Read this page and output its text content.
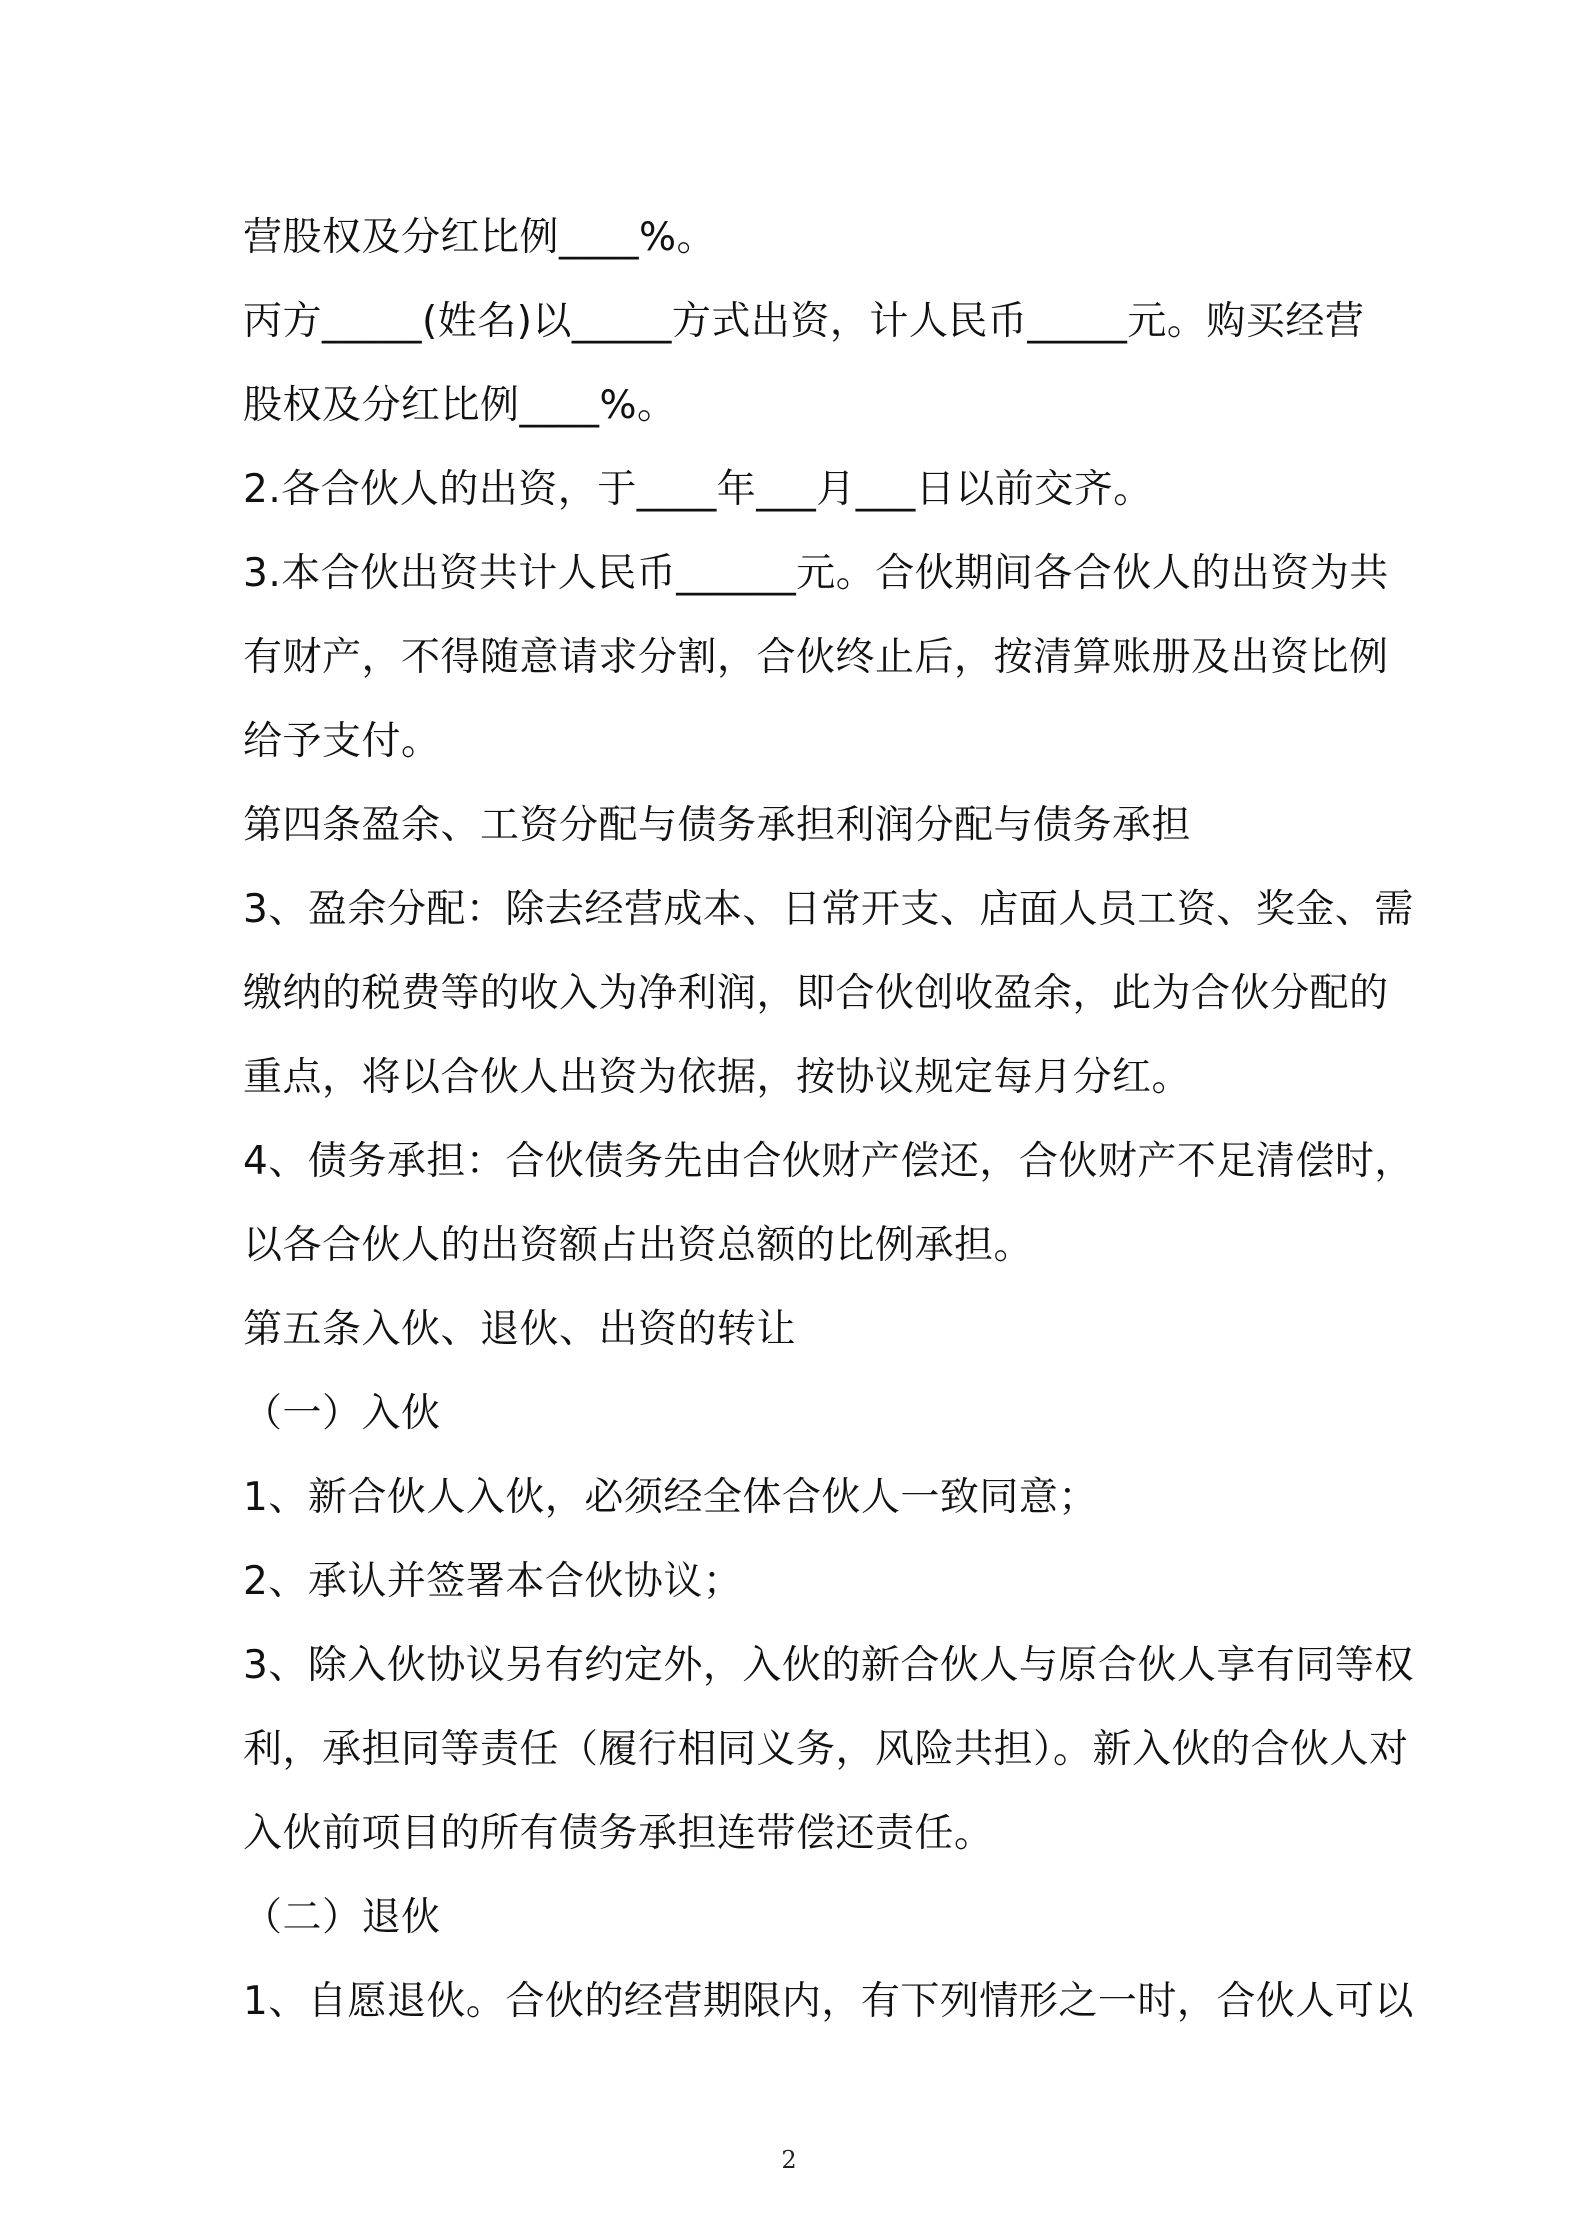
营股权及分红比例____%。
丙方_____(姓名)以_____方式出资，计人民币_____元。购买经营
股权及分红比例____%。
2.各合伙人的出资，于____年___月___日以前交齐。
3.本合伙出资共计人民币______元。合伙期间各合伙人的出资为共
有财产，不得随意请求分割，合伙终止后，按清算账册及出资比例
给予支付。
第四条盈余、工资分配与债务承担利润分配与债务承担
3、盈余分配：除去经营成本、日常开支、店面人员工资、奖金、需
缴纳的税费等的收入为净利润，即合伙创收盈余，此为合伙分配的
重点，将以合伙人出资为依据，按协议规定每月分红。
4、债务承担：合伙债务先由合伙财产偿还，合伙财产不足清偿时，
以各合伙人的出资额占出资总额的比例承担。
第五条入伙、退伙、出资的转让
（一）入伙
1、新合伙人入伙，必须经全体合伙人一致同意；
2、承认并签署本合伙协议；
3、除入伙协议另有约定外，入伙的新合伙人与原合伙人享有同等权
利，承担同等责任（履行相同义务，风险共担）。新入伙的合伙人对
入伙前项目的所有债务承担连带偿还责任。
（二）退伙
1、自愿退伙。合伙的经营期限内，有下列情形之一时，合伙人可以
2
